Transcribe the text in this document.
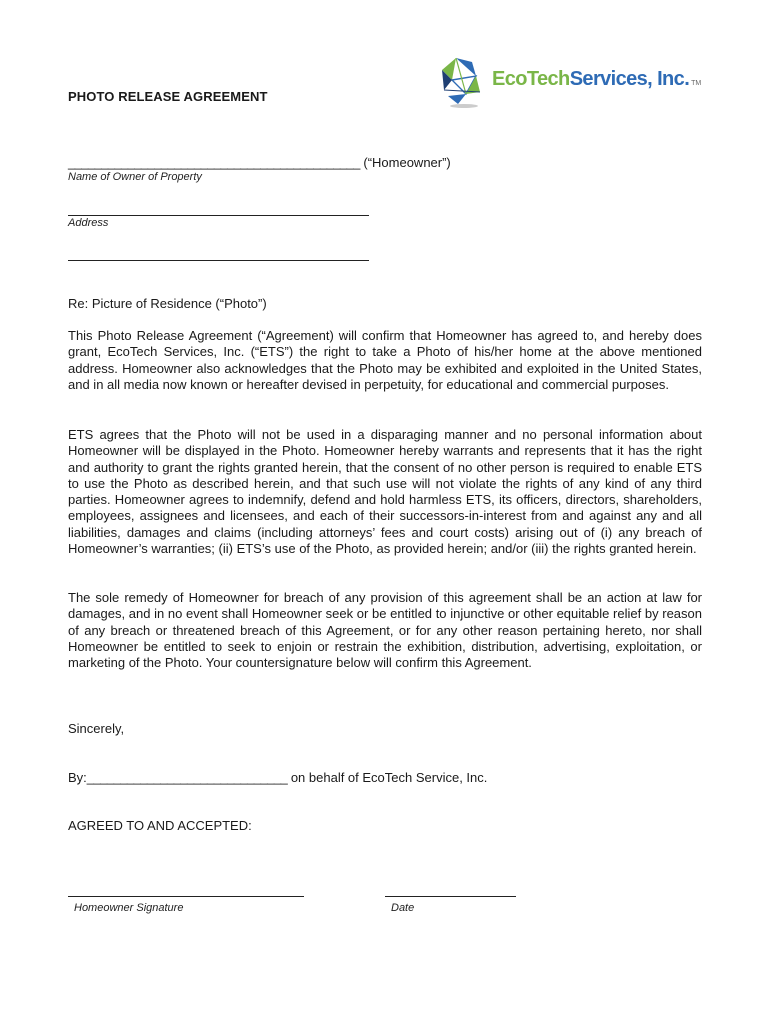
PHOTO RELEASE AGREEMENT
EcoTechServices, Inc. TM
____________________________________________ (“Homeowner”)
Name of Owner of Property
Address
Re: Picture of Residence (“Photo”)

This Photo Release Agreement (“Agreement) will confirm that Homeowner has agreed to, and hereby does grant, EcoTech Services, Inc. (“ETS”) the right to take a Photo of his/her home at the above mentioned address. Homeowner also acknowledges that the Photo may be exhibited and exploited in the United States, and in all media now known or hereafter devised in perpetuity, for educational and commercial purposes.

ETS agrees that the Photo will not be used in a disparaging manner and no personal information about Homeowner will be displayed in the Photo. Homeowner hereby warrants and represents that it has the right and authority to grant the rights granted herein, that the consent of no other person is required to enable ETS to use the Photo as described herein, and that such use will not violate the rights of any kind of any third parties. Homeowner agrees to indemnify, defend and hold harmless ETS, its officers, directors, shareholders, employees, assignees and licensees, and each of their successors-in-interest from and against any and all liabilities, damages and claims (including attorneys’ fees and court costs) arising out of (i) any breach of Homeowner’s warranties; (ii) ETS’s use of the Photo, as provided herein; and/or (iii) the rights granted herein.

The sole remedy of Homeowner for breach of any provision of this agreement shall be an action at law for damages, and in no event shall Homeowner seek or be entitled to injunctive or other equitable relief by reason of any breach or threatened breach of this Agreement, or for any other reason pertaining hereto, nor shall Homeowner be entitled to seek to enjoin or restrain the exhibition, distribution, advertising, exploitation, or marketing of the Photo. Your countersignature below will confirm this Agreement.

Sincerely,
By:______________________________ on behalf of EcoTech Service, Inc.
AGREED TO AND ACCEPTED:
Homeowner Signature	Date
